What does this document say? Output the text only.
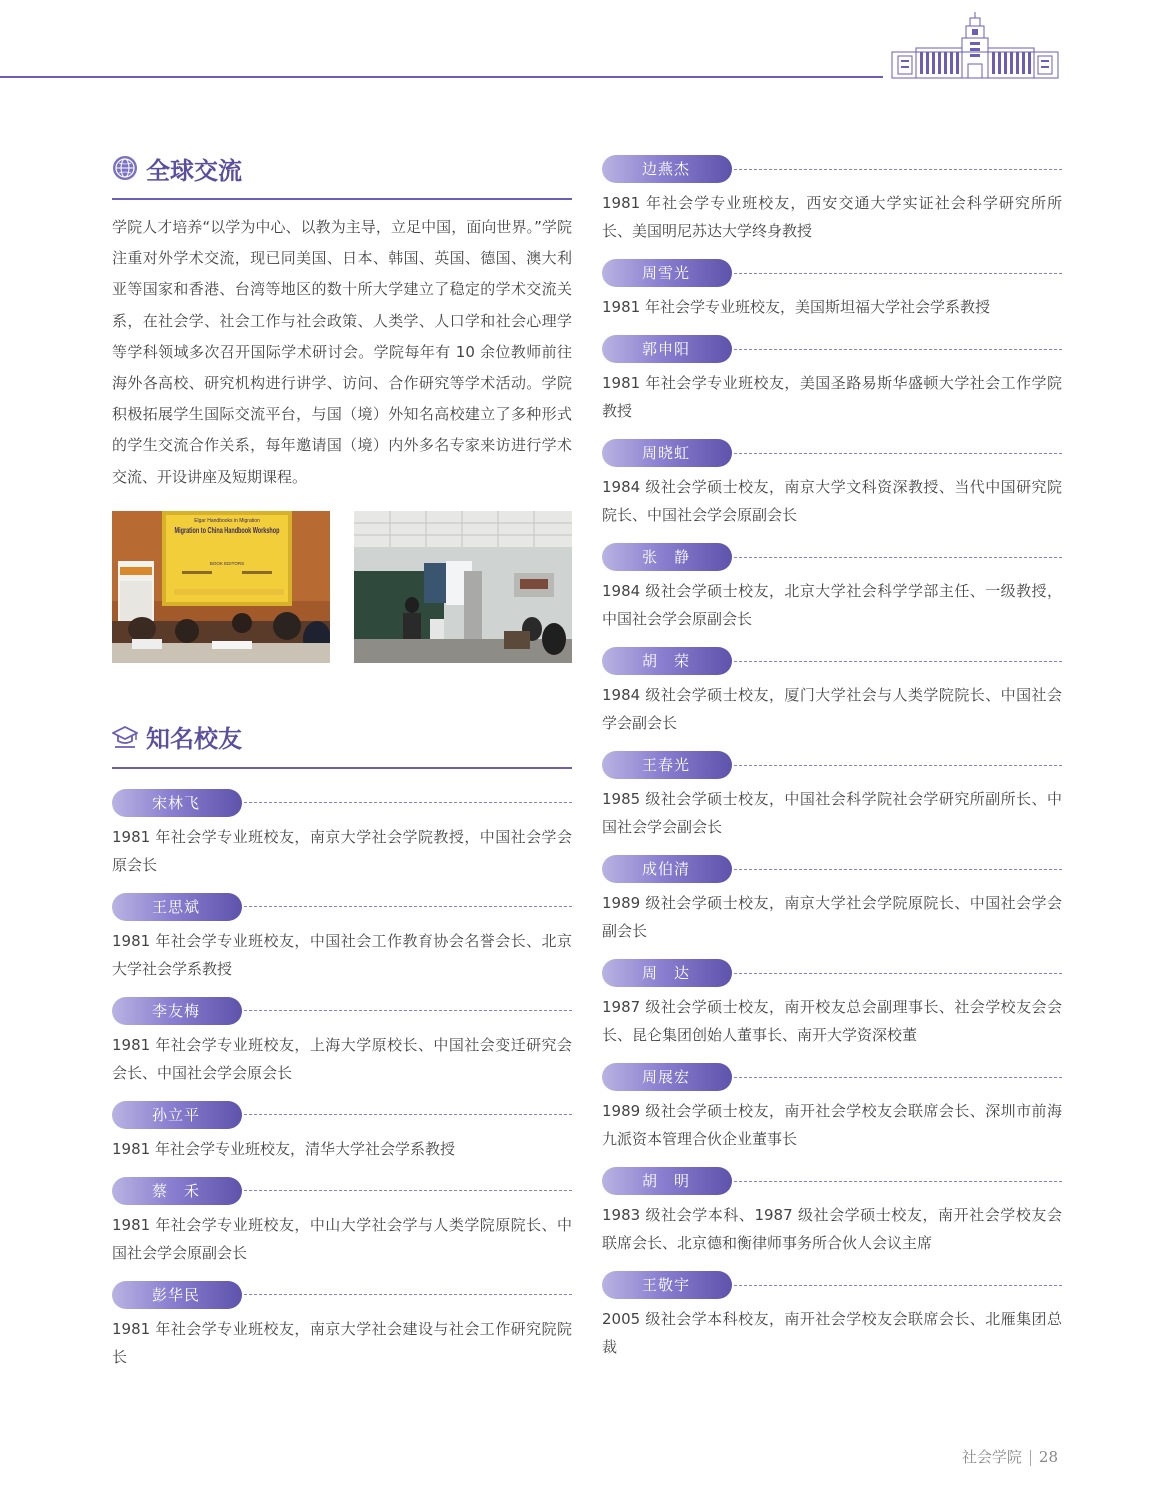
全球交流
学院人才培养“以学为中心、以教为主导，立足中国，面向世界。”学院注重对外学术交流，现已同美国、日本、韩国、英国、德国、澳大利亚等国家和香港、台湾等地区的数十所大学建立了稳定的学术交流关系，在社会学、社会工作与社会政策、人类学、人口学和社会心理学等学科领域多次召开国际学术研讨会。学院每年有 10 余位教师前往海外各高校、研究机构进行讲学、访问、合作研究等学术活动。学院积极拓展学生国际交流平台，与国（境）外知名高校建立了多种形式的学生交流合作关系，每年邀请国（境）内外多名专家来访进行学术交流、开设讲座及短期课程。
Elgar Handbooks in Migration
Migration to China Handbook Workshop
BOOK EDITORS
知名校友
宋林飞
1981 年社会学专业班校友，南京大学社会学院教授，中国社会学会原会长
王思斌
1981 年社会学专业班校友，中国社会工作教育协会名誉会长、北京大学社会学系教授
李友梅
1981 年社会学专业班校友，上海大学原校长、中国社会变迁研究会会长、中国社会学会原会长
孙立平
1981 年社会学专业班校友，清华大学社会学系教授
蔡　禾
1981 年社会学专业班校友，中山大学社会学与人类学院原院长、中国社会学会原副会长
彭华民
1981 年社会学专业班校友，南京大学社会建设与社会工作研究院院长
边燕杰
1981 年社会学专业班校友，西安交通大学实证社会科学研究所所长、美国明尼苏达大学终身教授
周雪光
1981 年社会学专业班校友，美国斯坦福大学社会学系教授
郭申阳
1981 年社会学专业班校友，美国圣路易斯华盛顿大学社会工作学院教授
周晓虹
1984 级社会学硕士校友，南京大学文科资深教授、当代中国研究院院长、中国社会学会原副会长
张　静
1984 级社会学硕士校友，北京大学社会科学学部主任、一级教授，中国社会学会原副会长
胡　荣
1984 级社会学硕士校友，厦门大学社会与人类学院院长、中国社会学会副会长
王春光
1985 级社会学硕士校友，中国社会科学院社会学研究所副所长、中国社会学会副会长
成伯清
1989 级社会学硕士校友，南京大学社会学院原院长、中国社会学会副会长
周　达
1987 级社会学硕士校友，南开校友总会副理事长、社会学校友会会长、昆仑集团创始人董事长、南开大学资深校董
周展宏
1989 级社会学硕士校友，南开社会学校友会联席会长、深圳市前海九派资本管理合伙企业董事长
胡　明
1983 级社会学本科、1987 级社会学硕士校友，南开社会学校友会联席会长、北京德和衡律师事务所合伙人会议主席
王敬宇
2005 级社会学本科校友，南开社会学校友会联席会长、北雁集团总裁
社会学院 28
